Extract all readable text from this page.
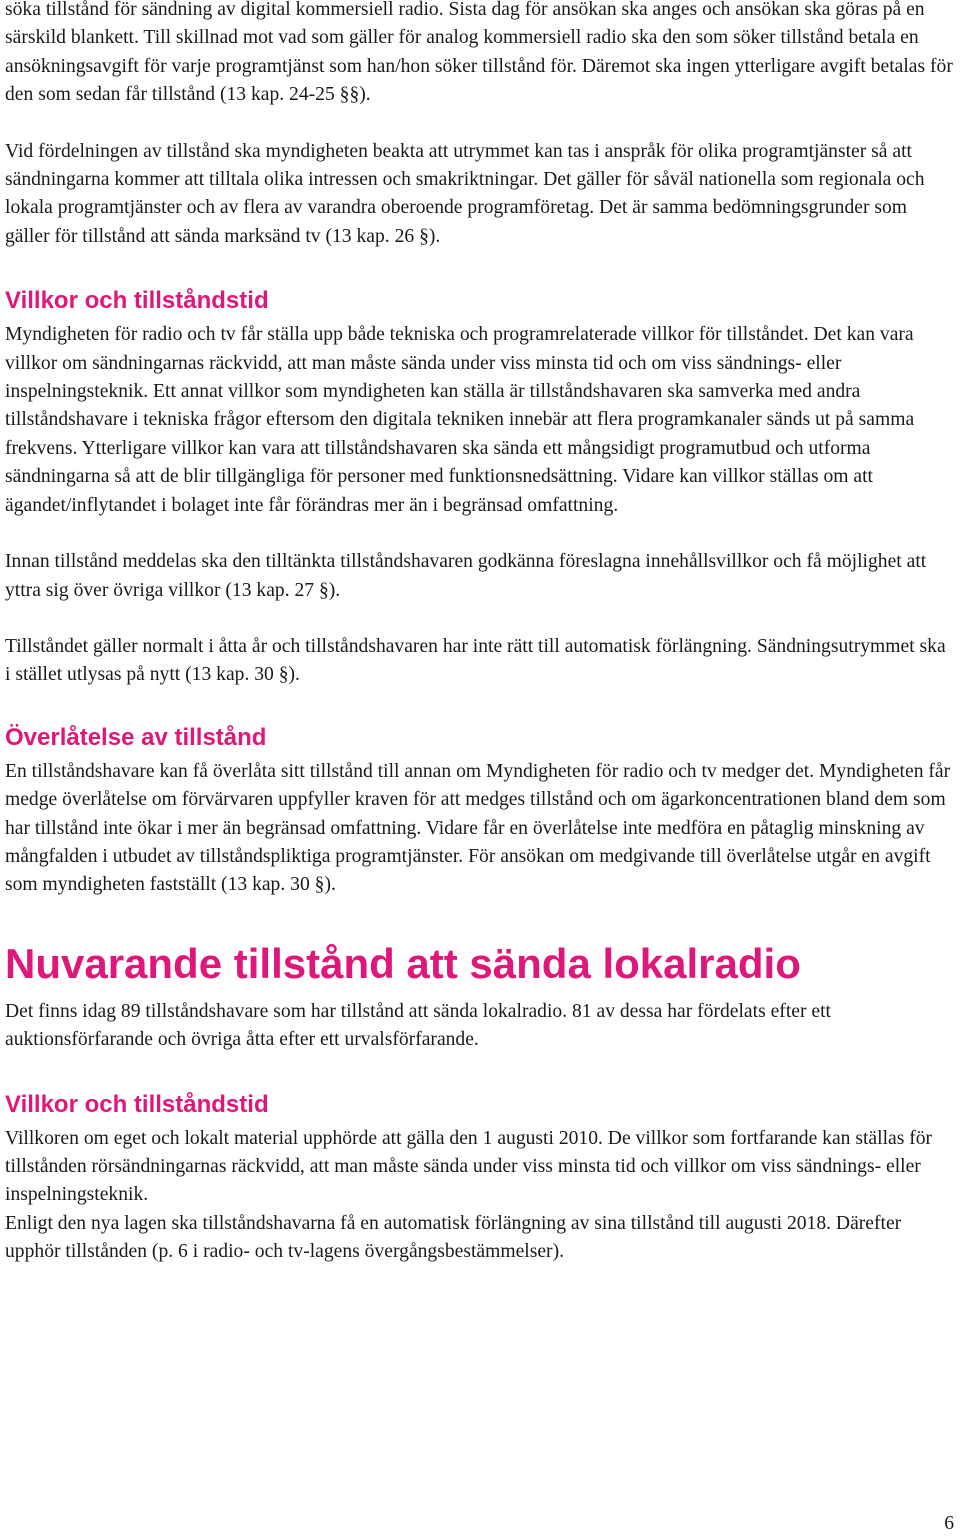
söka tillstånd för sändning av digital kommersiell radio. Sista dag för ansökan ska anges och ansökan ska göras på en särskild blankett. Till skillnad mot vad som gäller för analog kommersiell radio ska den som söker tillstånd betala en ansökningsavgift för varje programtjänst som han/hon söker tillstånd för. Däremot ska ingen ytterligare avgift betalas för den som sedan får tillstånd (13 kap. 24-25 §§).

Vid fördelningen av tillstånd ska myndigheten beakta att utrymmet kan tas i anspråk för olika programtjänster så att sändningarna kommer att tilltala olika intressen och smakriktningar. Det gäller för såväl nationella som regionala och lokala programtjänster och av flera av varandra oberoende programföretag. Det är samma bedömningsgrunder som gäller för tillstånd att sända marksänd tv (13 kap. 26 §).

Villkor och tillståndstid

Myndigheten för radio och tv får ställa upp både tekniska och programrelaterade villkor för tillståndet. Det kan vara villkor om sändningarnas räckvidd, att man måste sända under viss minsta tid och om viss sändnings- eller inspelningsteknik. Ett annat villkor som myndigheten kan ställa är tillståndshavaren ska samverka med andra tillståndshavare i tekniska frågor eftersom den digitala tekniken innebär att flera programkanaler sänds ut på samma frekvens. Ytterligare villkor kan vara att tillståndshavaren ska sända ett mångsidigt programutbud och utforma sändningarna så att de blir tillgängliga för personer med funktionsnedsättning. Vidare kan villkor ställas om att ägandet/inflytandet i bolaget inte får förändras mer än i begränsad omfattning.

Innan tillstånd meddelas ska den tilltänkta tillståndshavaren godkänna föreslagna innehållsvillkor och få möjlighet att yttra sig över övriga villkor (13 kap. 27 §).

Tillståndet gäller normalt i åtta år och tillståndshavaren har inte rätt till automatisk förlängning. Sändningsutrymmet ska i stället utlysas på nytt (13 kap. 30 §).

Överlåtelse av tillstånd

En tillståndshavare kan få överlåta sitt tillstånd till annan om Myndigheten för radio och tv medger det. Myndigheten får medge överlåtelse om förvärvaren uppfyller kraven för att medges tillstånd och om ägarkoncentrationen bland dem som har tillstånd inte ökar i mer än begränsad omfattning. Vidare får en överlåtelse inte medföra en påtaglig minskning av mångfalden i utbudet av tillståndspliktiga programtjänster. För ansökan om medgivande till överlåtelse utgår en avgift som myndigheten fastställt (13 kap. 30 §).

Nuvarande tillstånd att sända lokalradio

Det finns idag 89 tillståndshavare som har tillstånd att sända lokalradio. 81 av dessa har fördelats efter ett auktionsförfarande och övriga åtta efter ett urvalsförfarande.

Villkor och tillståndstid

Villkoren om eget och lokalt material upphörde att gälla den 1 augusti 2010. De villkor som fortfarande kan ställas för tillstånden rörsändningarnas räckvidd, att man måste sända under viss minsta tid och villkor om viss sändnings- eller inspelningsteknik.

Enligt den nya lagen ska tillståndshavarna få en automatisk förlängning av sina tillstånd till augusti 2018. Därefter upphör tillstånden (p. 6 i radio- och tv-lagens övergångsbestämmelser).

6
